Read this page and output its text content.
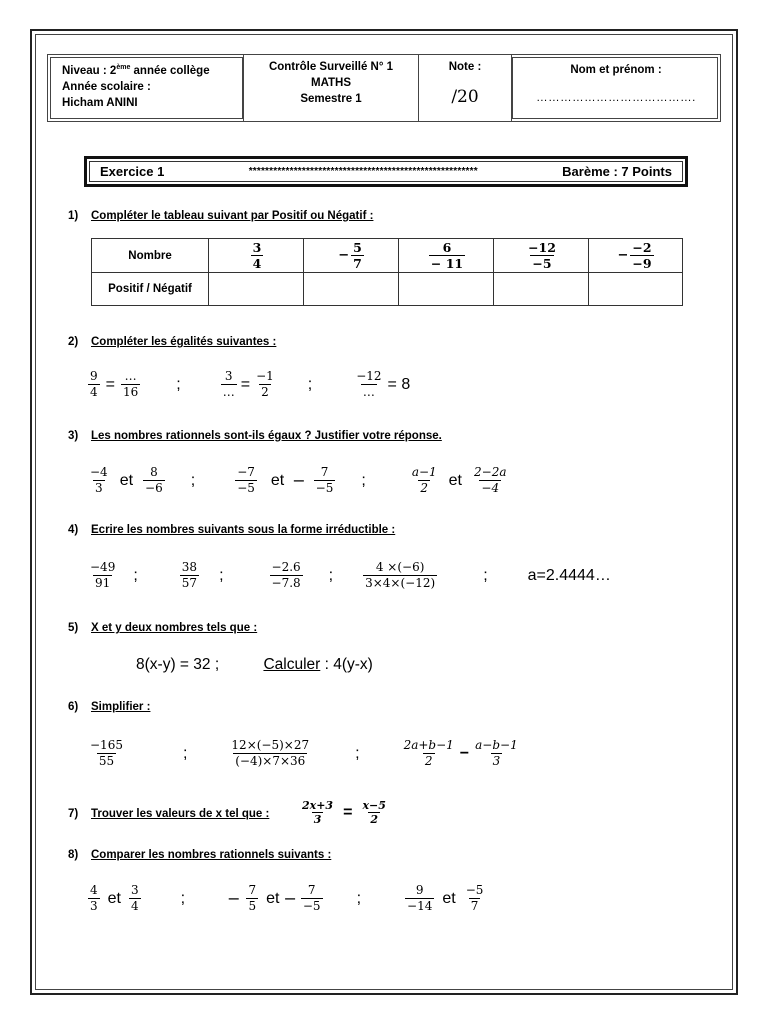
Niveau : 2ème année collège
Année scolaire :
Hicham ANINI
Contrôle Surveillé N° 1
MATHS
Semestre 1
Note :
/20
Nom et prénom :
………………………………….
Exercice 1	********************************************************	Barème : 7 Points
1) Compléter le tableau suivant par Positif ou Négatif :
Nombre	$\frac{3}{4}$	− $\frac{5}{7}$	$\frac{6}{- 11}$	$\frac{-12}{-5}$	− $\frac{-2}{-9}$

Positif / Négatif					
2) Compléter les égalités suivantes :
$\frac{9}{4} = \frac{\dots}{16}$ ;	$\frac{3}{\dots} = \frac{-1}{2}$ ;	$\frac{-12}{\dots} = 8$
3) Les nombres rationnels sont-ils égaux ? Justifier votre réponse.
$\frac{-4}{3}$ et $\frac{8}{-6}$ ;	$\frac{-7}{-5}$ et − $\frac{7}{-5}$ ;	$\frac{a-1}{2}$ et $\frac{2-2a}{-4}$
4) Ecrire les nombres suivants sous la forme irréductible :
$\frac{-49}{91}$ ;	$\frac{38}{57}$ ;	$\frac{-2.6}{-7.8}$ ;	$\frac{4 \times(-6)}{3\times 4\times(-12)}$	;	a=2.4444…
5) X et y deux nombres tels que :
8(x-y) = 32 ;	Calculer : 4(y-x)
6) Simplifier :
$\frac{-165}{55}$	;	$\frac{12\times(-5)\times 27}{(-4)\times 7\times 36}$	;	$\frac{2a+b-1}{2} - \frac{a-b-1}{3}$
7) Trouver les valeurs de x tel que :	$\frac{2x+3}{3} = \frac{x-5}{2}$
8) Comparer les nombres rationnels suivants :
$\frac{4}{3}$ et $\frac{3}{4}$	;	− $\frac{7}{5}$ et − $\frac{7}{-5}$ ;	$\frac{9}{-14}$ et $\frac{-5}{7}$
